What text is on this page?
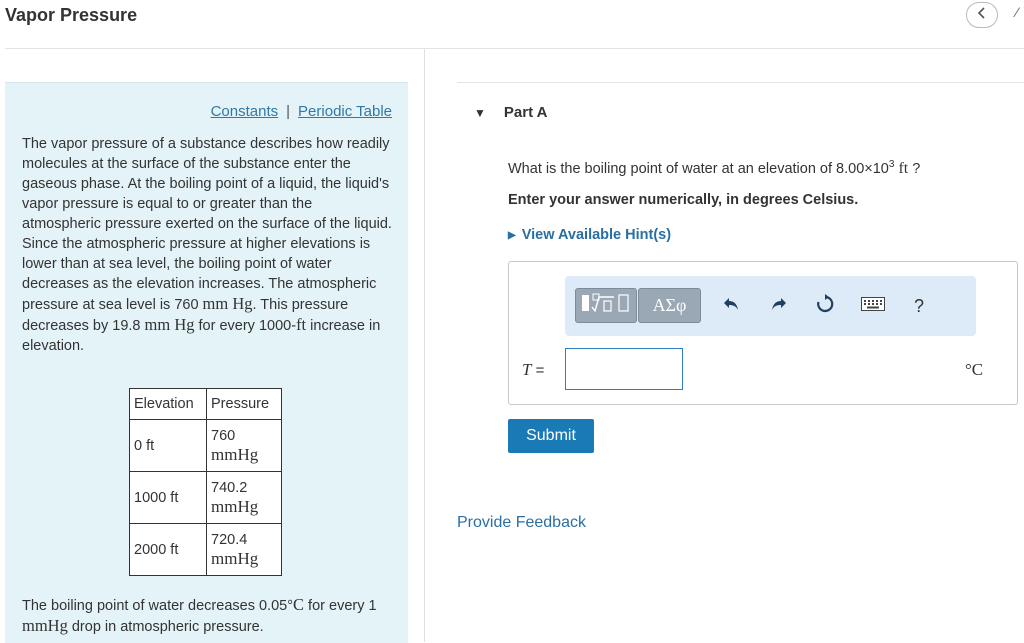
Vapor Pressure	⁄
Constants | Periodic Table

The vapor pressure of a substance describes how readily molecules at the surface of the substance enter the gaseous phase. At the boiling point of a liquid, the liquid's vapor pressure is equal to or greater than the atmospheric pressure exerted on the surface of the liquid. Since the atmospheric pressure at higher elevations is lower than at sea level, the boiling point of water decreases as the elevation increases. The atmospheric pressure at sea level is 760 mm Hg. This pressure decreases by 19.8 mm Hg for every 1000-ft increase in elevation.

Elevation	Pressure
0 ft	760
mmHg

1000 ft	740.2
mmHg

2000 ft	720.4
mmHg

The boiling point of water decreases 0.05°C for every 1 mmHg drop in atmospheric pressure.

▼ Part A
What is the boiling point of water at an elevation of $8.00\times 10^3$ ft ?
Enter your answer numerically, in degrees Celsius.
▶ View Available Hint(s)
ΑΣφ	?
T =	°C
Submit
Provide Feedback
